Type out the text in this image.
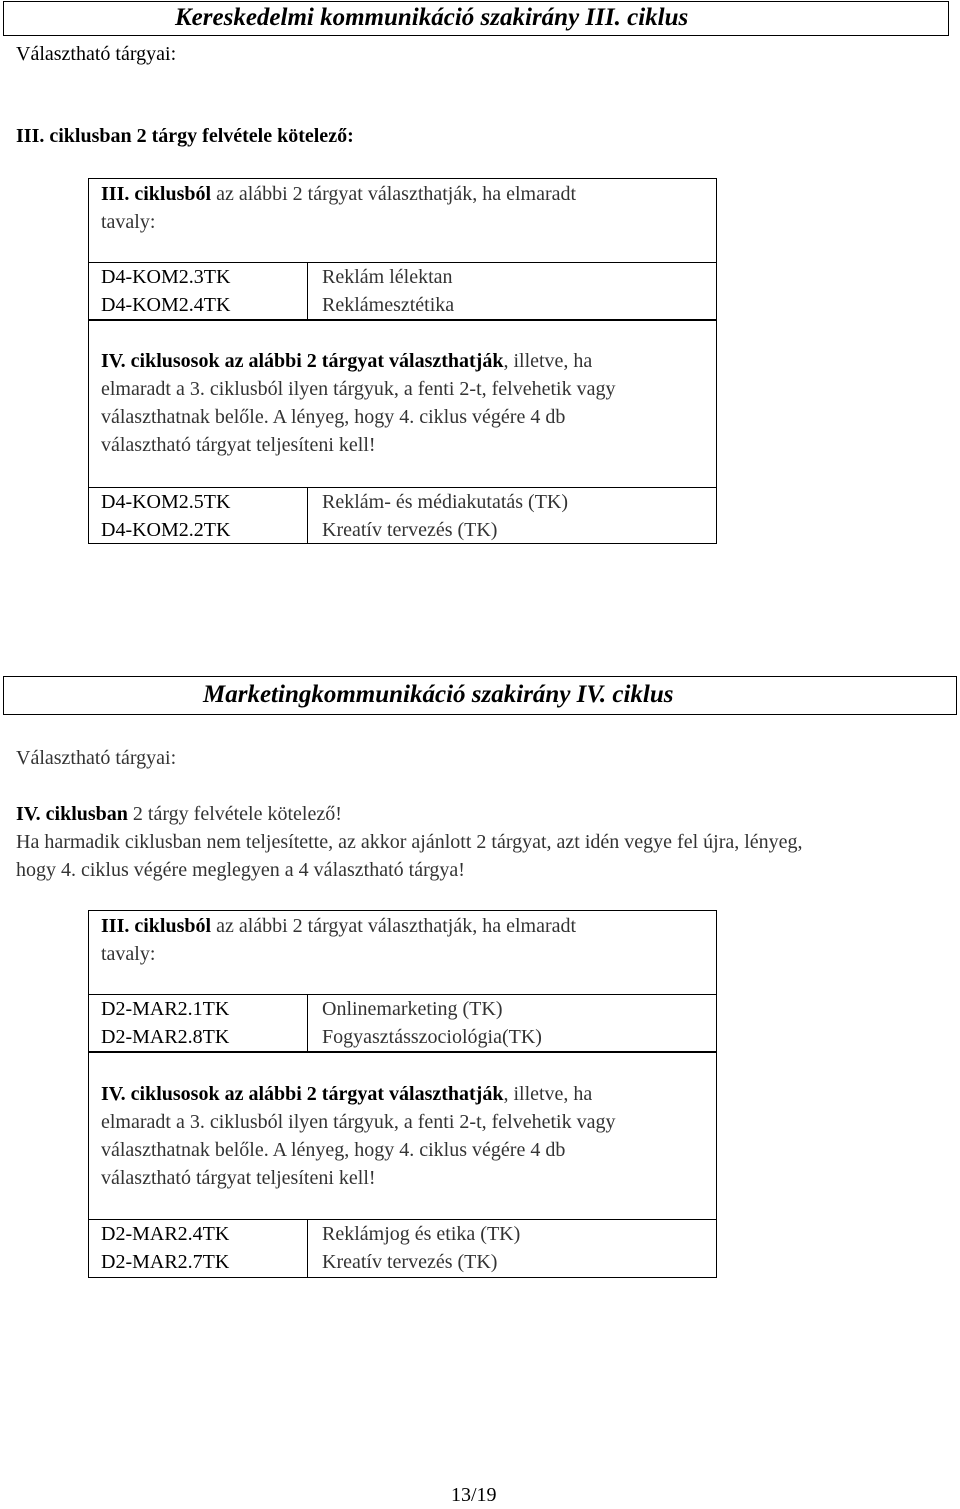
Kereskedelmi kommunikáció szakirány III. ciklus
Választható tárgyai:
III. ciklusban 2 tárgy felvétele kötelező:
III. ciklusból az alábbi 2 tárgyat választhatják, ha elmaradt
tavaly:
D4-KOM2.3TK	Reklám lélektan
D4-KOM2.4TK	Reklámesztétika
IV. ciklusosok az alábbi 2 tárgyat választhatják, illetve, ha
elmaradt a 3. ciklusból ilyen tárgyuk, a fenti 2-t, felvehetik vagy
választhatnak belőle. A lényeg, hogy 4. ciklus végére 4 db
választható tárgyat teljesíteni kell!
D4-KOM2.5TK	Reklám- és médiakutatás (TK)
D4-KOM2.2TK	Kreatív tervezés (TK)
Marketingkommunikáció szakirány IV. ciklus
Választható tárgyai:
IV. ciklusban 2 tárgy felvétele kötelező!
Ha harmadik ciklusban nem teljesítette, az akkor ajánlott 2 tárgyat, azt idén vegye fel újra, lényeg,
hogy 4. ciklus végére meglegyen a 4 választható tárgya!
III. ciklusból az alábbi 2 tárgyat választhatják, ha elmaradt
tavaly:
D2-MAR2.1TK	Onlinemarketing (TK)
D2-MAR2.8TK	Fogyasztásszociológia(TK)
IV. ciklusosok az alábbi 2 tárgyat választhatják, illetve, ha
elmaradt a 3. ciklusból ilyen tárgyuk, a fenti 2-t, felvehetik vagy
választhatnak belőle. A lényeg, hogy 4. ciklus végére 4 db
választható tárgyat teljesíteni kell!
D2-MAR2.4TK	Reklámjog és etika (TK)
D2-MAR2.7TK	Kreatív tervezés (TK)
13/19
